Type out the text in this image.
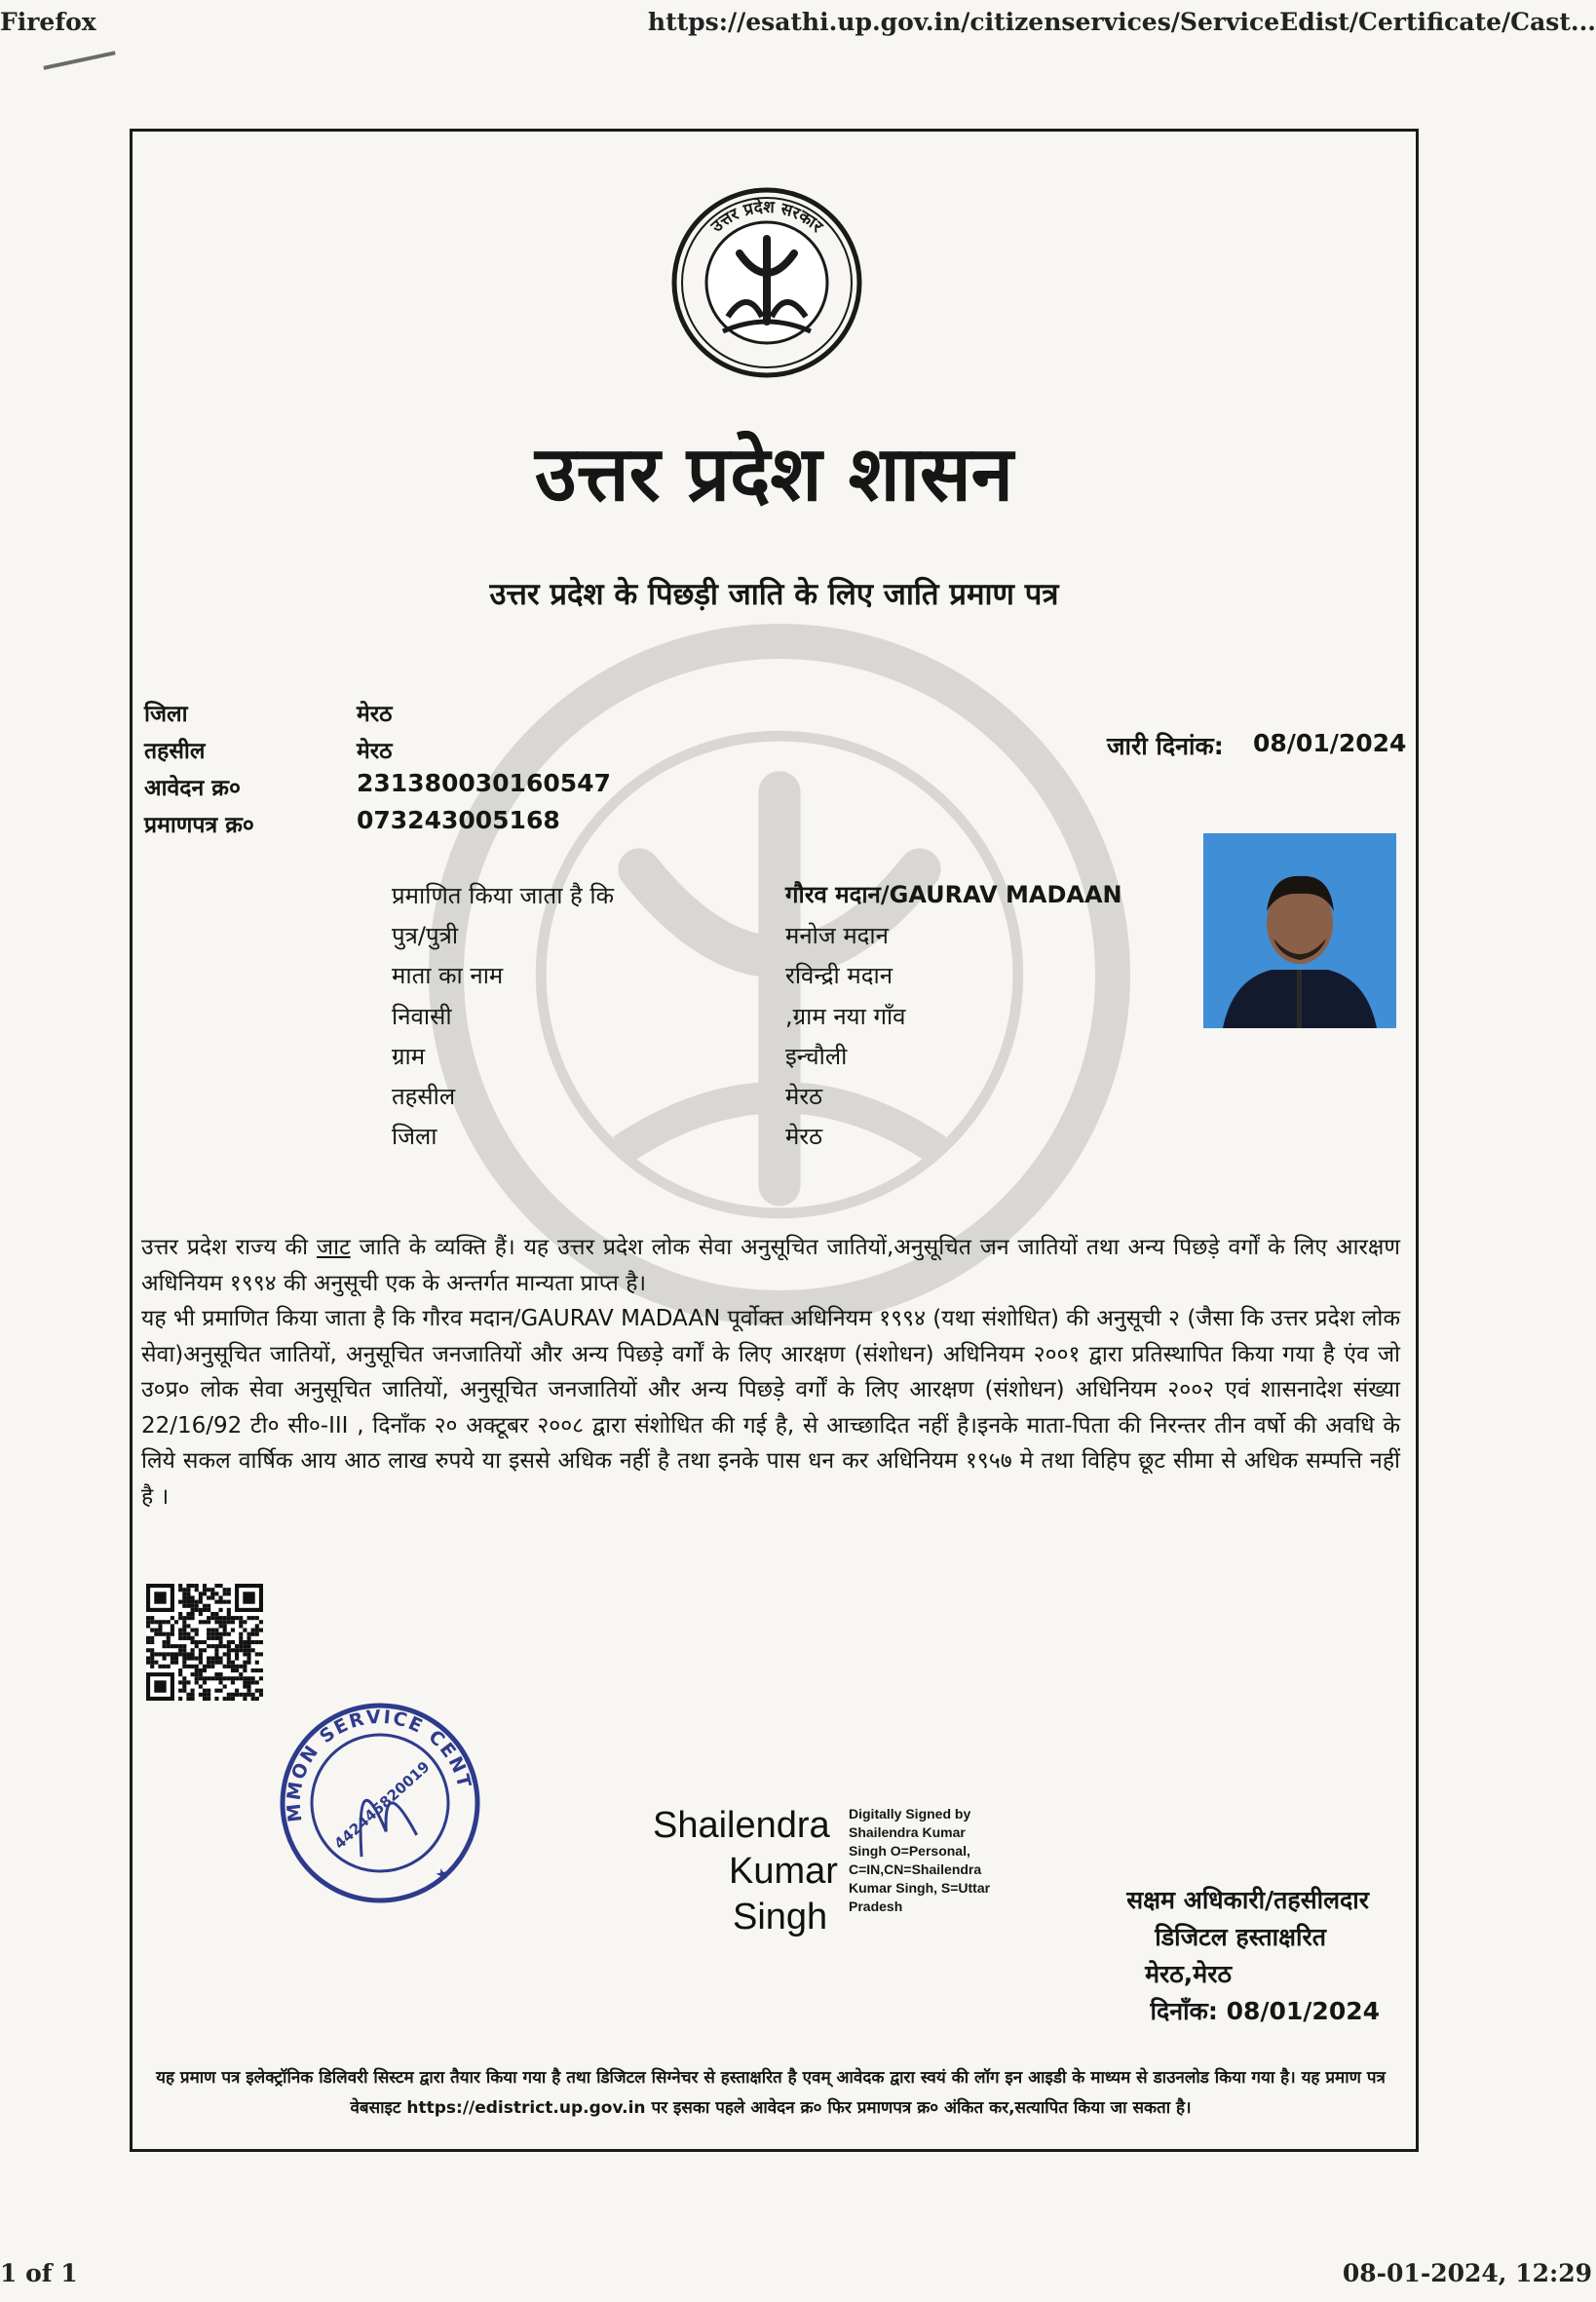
Firefox	https://esathi.up.gov.in/citizenservices/ServiceEdist/Certificate/Cast...
उत्तर प्रदेश सरकार
उत्तर प्रदेश शासन
उत्तर प्रदेश के पिछड़ी जाति के लिए जाति प्रमाण पत्र
जिला	मेरठ
तहसील	मेरठ
आवेदन क्र०	231380030160547
प्रमाणपत्र क्र०	073243005168
जारी दिनांक: 08/01/2024
प्रमाणित किया जाता है कि	गौरव मदान/GAURAV MADAAN
पुत्र/पुत्री	मनोज मदान
माता का नाम	रविन्द्री मदान
निवासी	,ग्राम नया गाँव
ग्राम	इन्चौली
तहसील	मेरठ
जिला	मेरठ

उत्तर प्रदेश राज्य की जाट जाति के व्यक्ति हैं। यह उत्तर प्रदेश लोक सेवा अनुसूचित जातियों,अनुसूचित जन जातियों तथा अन्य पिछड़े वर्गों के लिए आरक्षण अधिनियम १९९४ की अनुसूची एक के अन्तर्गत मान्यता प्राप्त है।

यह भी प्रमाणित किया जाता है कि गौरव मदान/GAURAV MADAAN पूर्वोक्त अधिनियम १९९४ (यथा संशोधित) की अनुसूची २ (जैसा कि उत्तर प्रदेश लोक सेवा)अनुसूचित जातियों, अनुसूचित जनजातियों और अन्य पिछड़े वर्गों के लिए आरक्षण (संशोधन) अधिनियम २००१ द्वारा प्रतिस्थापित किया गया है एंव जो उ०प्र० लोक सेवा अनुसूचित जातियों, अनुसूचित जनजातियों और अन्य पिछड़े वर्गों के लिए आरक्षण (संशोधन) अधिनियम २००२ एवं शासनादेश संख्या 22/16/92 टी० सी०-III , दिनाँक २० अक्टूबर २००८ द्वारा संशोधित की गई है, से आच्छादित नहीं है।इनके माता-पिता की निरन्तर तीन वर्षो की अवधि के लिये सकल वार्षिक आय आठ लाख रुपये या इससे अधिक नहीं है तथा इनके पास धन कर अधिनियम १९५७ मे तथा विहिप छूट सीमा से अधिक सम्पत्ति नहीं है ।

COMMON SERVICE CENTER
442445820019
★
Shailendra
Kumar
Singh
Digitally Signed by
Shailendra Kumar
Singh O=Personal,
C=IN,CN=Shailendra
Kumar Singh, S=Uttar
Pradesh	सक्षम अधिकारी/तहसीलदार
डिजिटल हस्ताक्षरित
मेरठ,मेरठ
दिनाँक: 08/01/2024
यह प्रमाण पत्र इलेक्ट्रॉनिक डिलिवरी सिस्टम द्वारा तैयार किया गया है तथा डिजिटल सिग्नेचर से हस्ताक्षरित है एवम् आवेदक द्वारा स्वयं की लॉग इन आइडी के माध्यम से डाउनलोड किया गया है। यह प्रमाण पत्र वेबसाइट https://edistrict.up.gov.in पर इसका पहले आवेदन क्र० फिर प्रमाणपत्र क्र० अंकित कर,सत्यापित किया जा सकता है।
1 of 1	08-01-2024, 12:29
